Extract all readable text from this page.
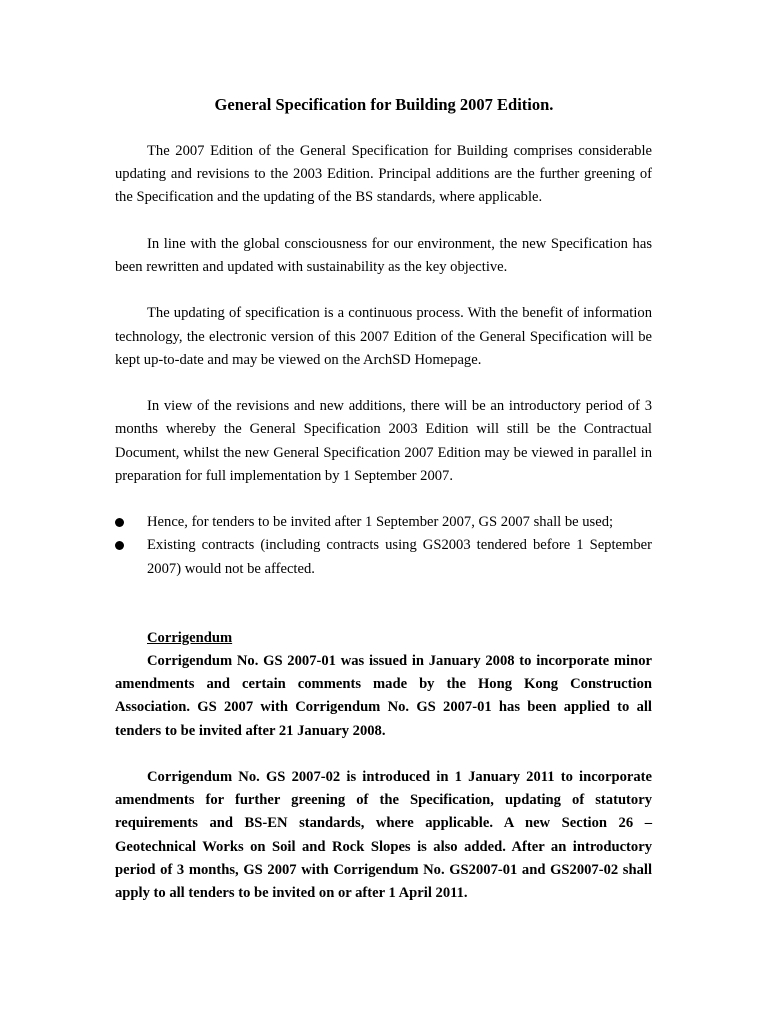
General Specification for Building 2007 Edition.

The 2007 Edition of the General Specification for Building comprises considerable updating and revisions to the 2003 Edition. Principal additions are the further greening of the Specification and the updating of the BS standards, where applicable.

In line with the global consciousness for our environment, the new Specification has been rewritten and updated with sustainability as the key objective.

The updating of specification is a continuous process. With the benefit of information technology, the electronic version of this 2007 Edition of the General Specification will be kept up-to-date and may be viewed on the ArchSD Homepage.

In view of the revisions and new additions, there will be an introductory period of 3 months whereby the General Specification 2003 Edition will still be the Contractual Document, whilst the new General Specification 2007 Edition may be viewed in parallel in preparation for full implementation by 1 September 2007.

Hence, for tenders to be invited after 1 September 2007, GS 2007 shall be used;
Existing contracts (including contracts using GS2003 tendered before 1 September 2007) would not be affected.
Corrigendum

Corrigendum No. GS 2007-01 was issued in January 2008 to incorporate minor amendments and certain comments made by the Hong Kong Construction Association. GS 2007 with Corrigendum No. GS 2007-01 has been applied to all tenders to be invited after 21 January 2008.

Corrigendum No. GS 2007-02 is introduced in 1 January 2011 to incorporate amendments for further greening of the Specification, updating of statutory requirements and BS-EN standards, where applicable. A new Section 26 – Geotechnical Works on Soil and Rock Slopes is also added. After an introductory period of 3 months, GS 2007 with Corrigendum No. GS2007-01 and GS2007-02 shall apply to all tenders to be invited on or after 1 April 2011.
